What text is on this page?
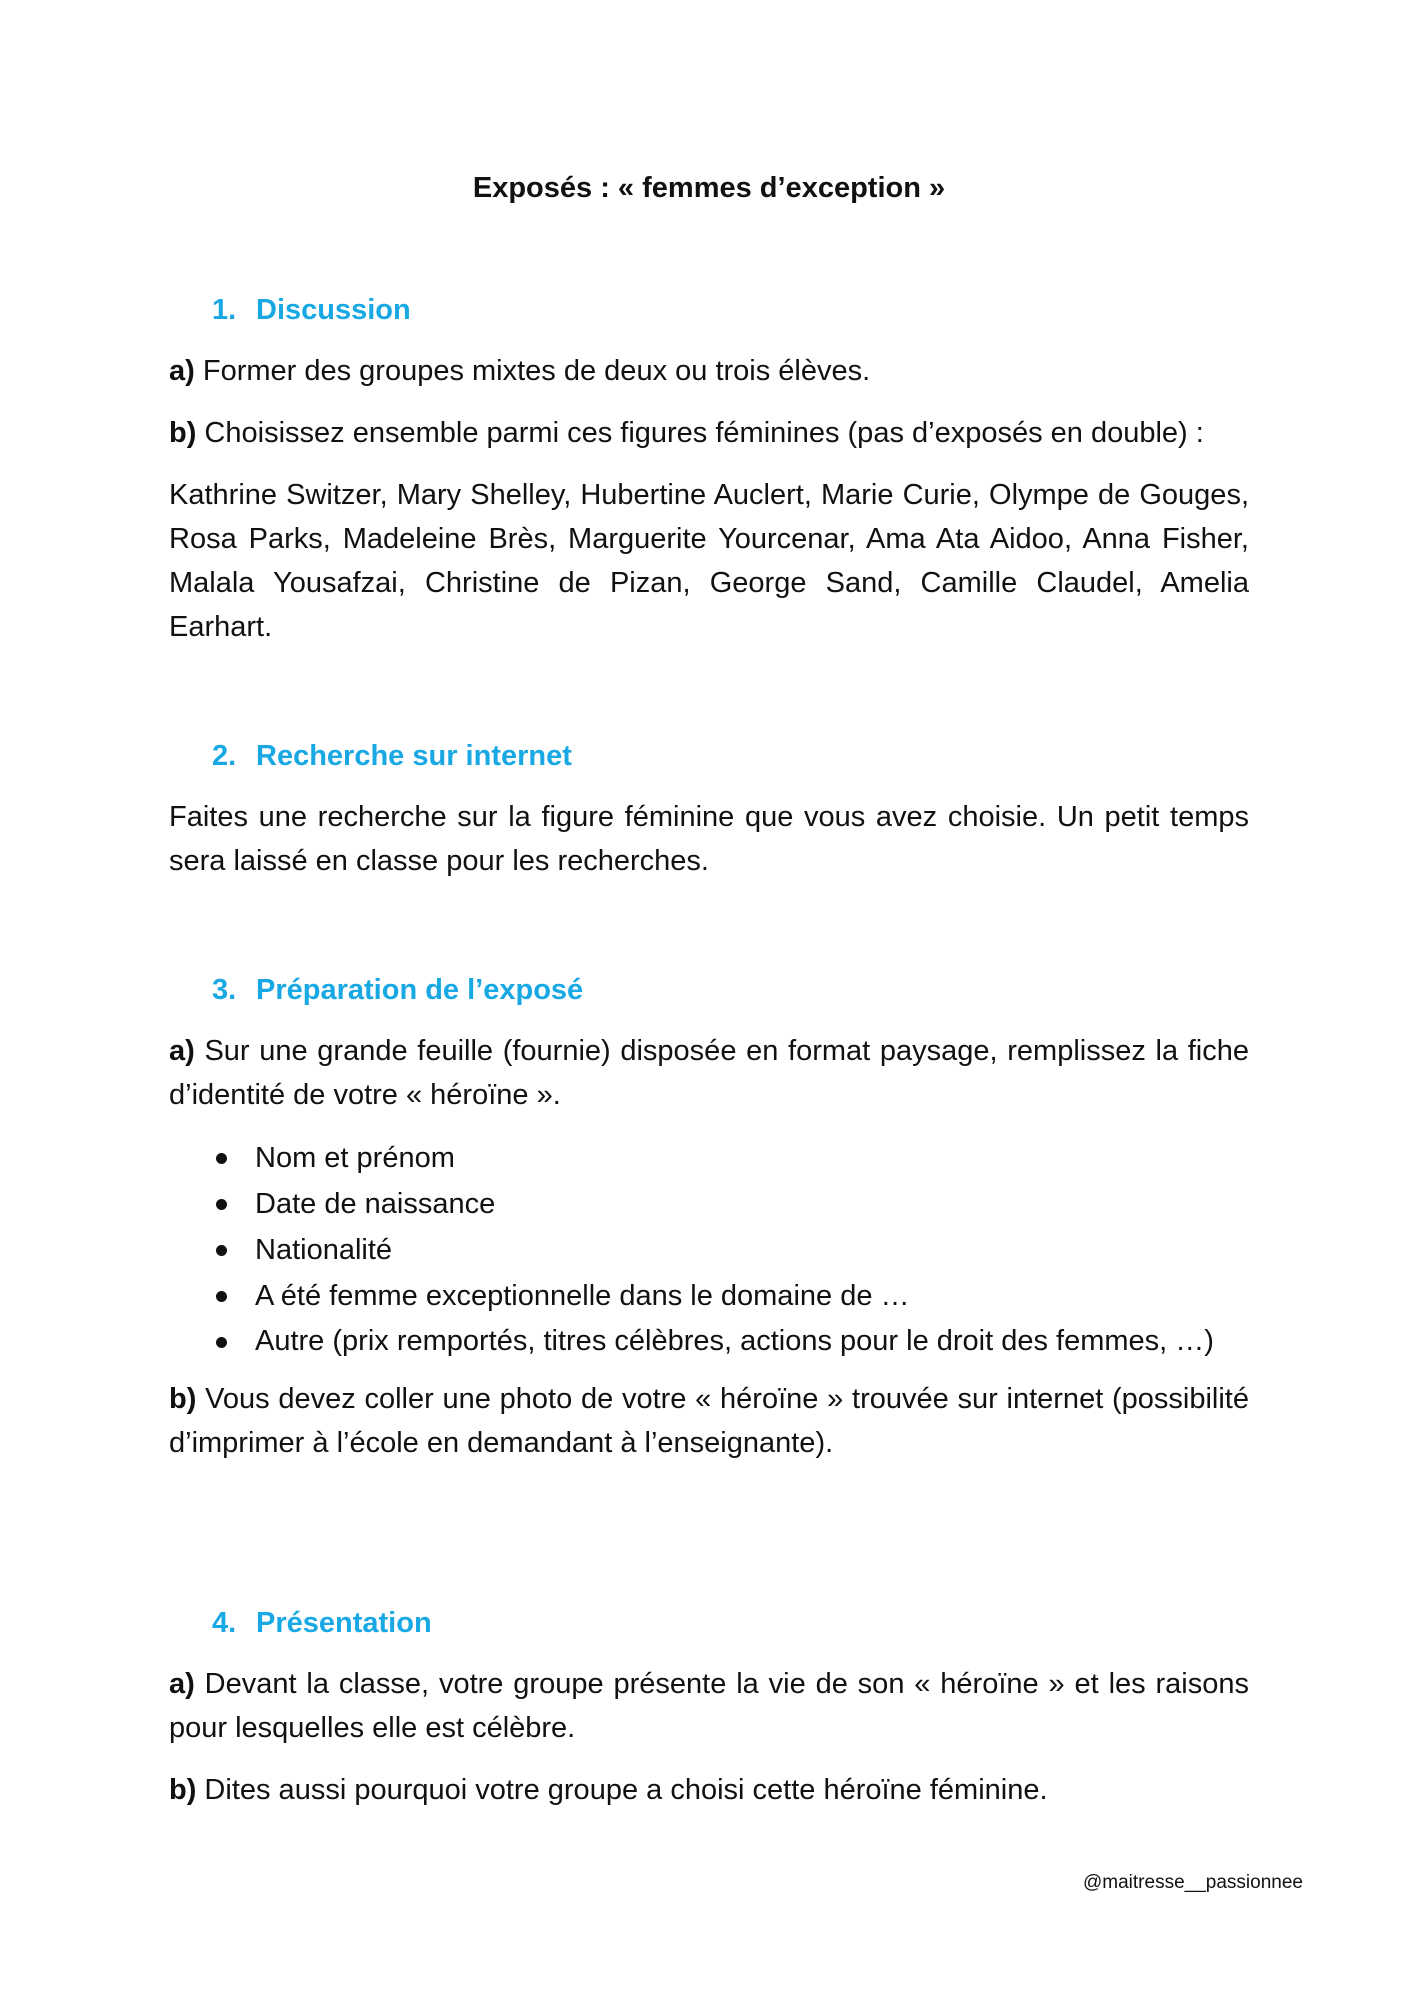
Exposés : « femmes d’exception »
1. Discussion

a) Former des groupes mixtes de deux ou trois élèves.

b) Choisissez ensemble parmi ces figures féminines (pas d’exposés en double) :

Kathrine Switzer, Mary Shelley, Hubertine Auclert, Marie Curie, Olympe de Gouges, Rosa Parks, Madeleine Brès, Marguerite Yourcenar, Ama Ata Aidoo, Anna Fisher, Malala Yousafzai, Christine de Pizan, George Sand, Camille Claudel, Amelia Earhart.

2. Recherche sur internet

Faites une recherche sur la figure féminine que vous avez choisie. Un petit temps sera laissé en classe pour les recherches.

3. Préparation de l’exposé

a) Sur une grande feuille (fournie) disposée en format paysage, remplissez la fiche d’identité de votre « héroïne ».

Nom et prénom
Date de naissance
Nationalité
A été femme exceptionnelle dans le domaine de …
Autre (prix remportés, titres célèbres, actions pour le droit des femmes, …)

b) Vous devez coller une photo de votre « héroïne » trouvée sur internet (possibilité d’imprimer à l’école en demandant à l’enseignante).

4. Présentation

a) Devant la classe, votre groupe présente la vie de son « héroïne » et les raisons pour lesquelles elle est célèbre.

b) Dites aussi pourquoi votre groupe a choisi cette héroïne féminine.

@maitresse__passionnee
